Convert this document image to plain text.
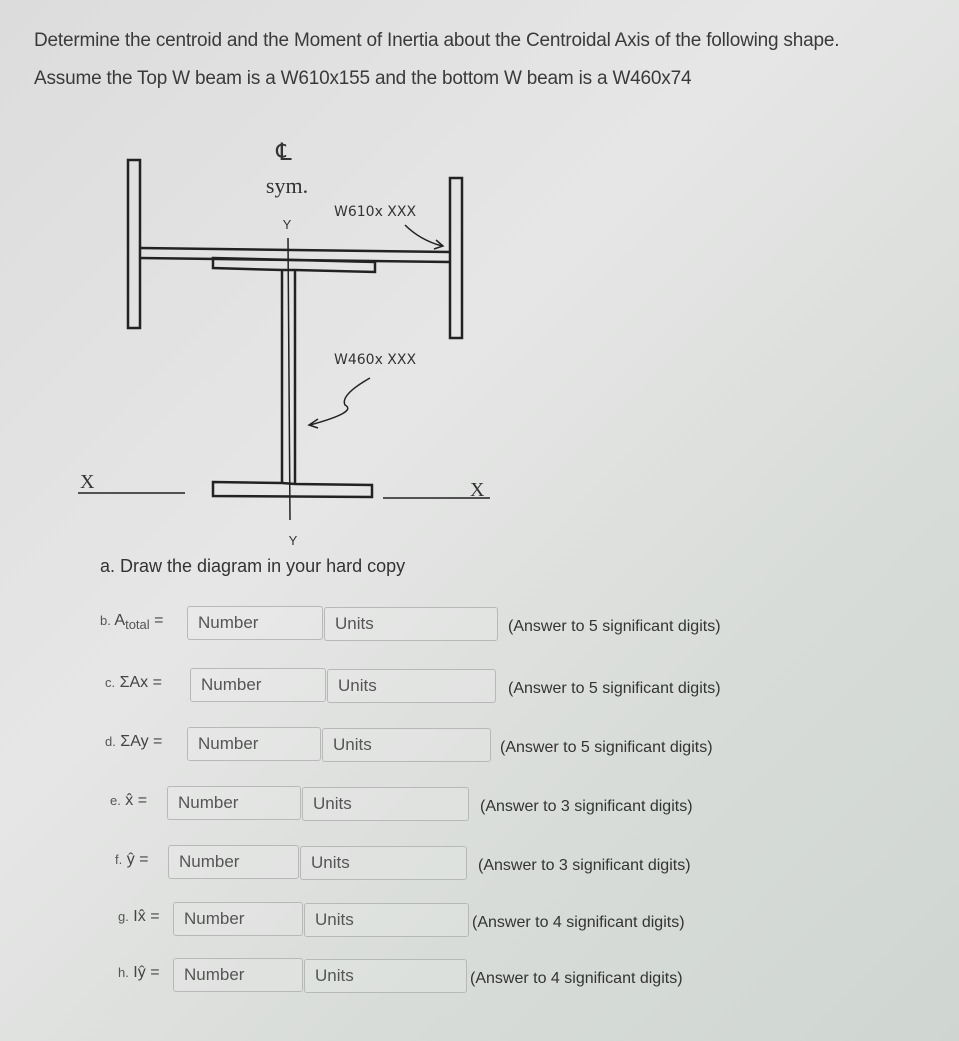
Determine the centroid and the Moment of Inertia about the Centroidal Axis of the following shape.
Assume the Top W beam is a W610x155 and the bottom W beam is a W460x74
℄
sym.
Y
Y
X	X
W610x XXX
W460x XXX
a. Draw the diagram in your hard copy
b. $A_{total}$ =	Number	Units	(Answer to 5 significant digits)
c. ΣAx =	Number	Units	(Answer to 5 significant digits)
d. ΣAy =	Number	Units	(Answer to 5 significant digits)
e. x̂ =	Number	Units	(Answer to 3 significant digits)
f. ŷ =	Number	Units	(Answer to 3 significant digits)
g. Ix̂ =	Number	Units	(Answer to 4 significant digits)
h. Iŷ =	Number	Units	(Answer to 4 significant digits)
